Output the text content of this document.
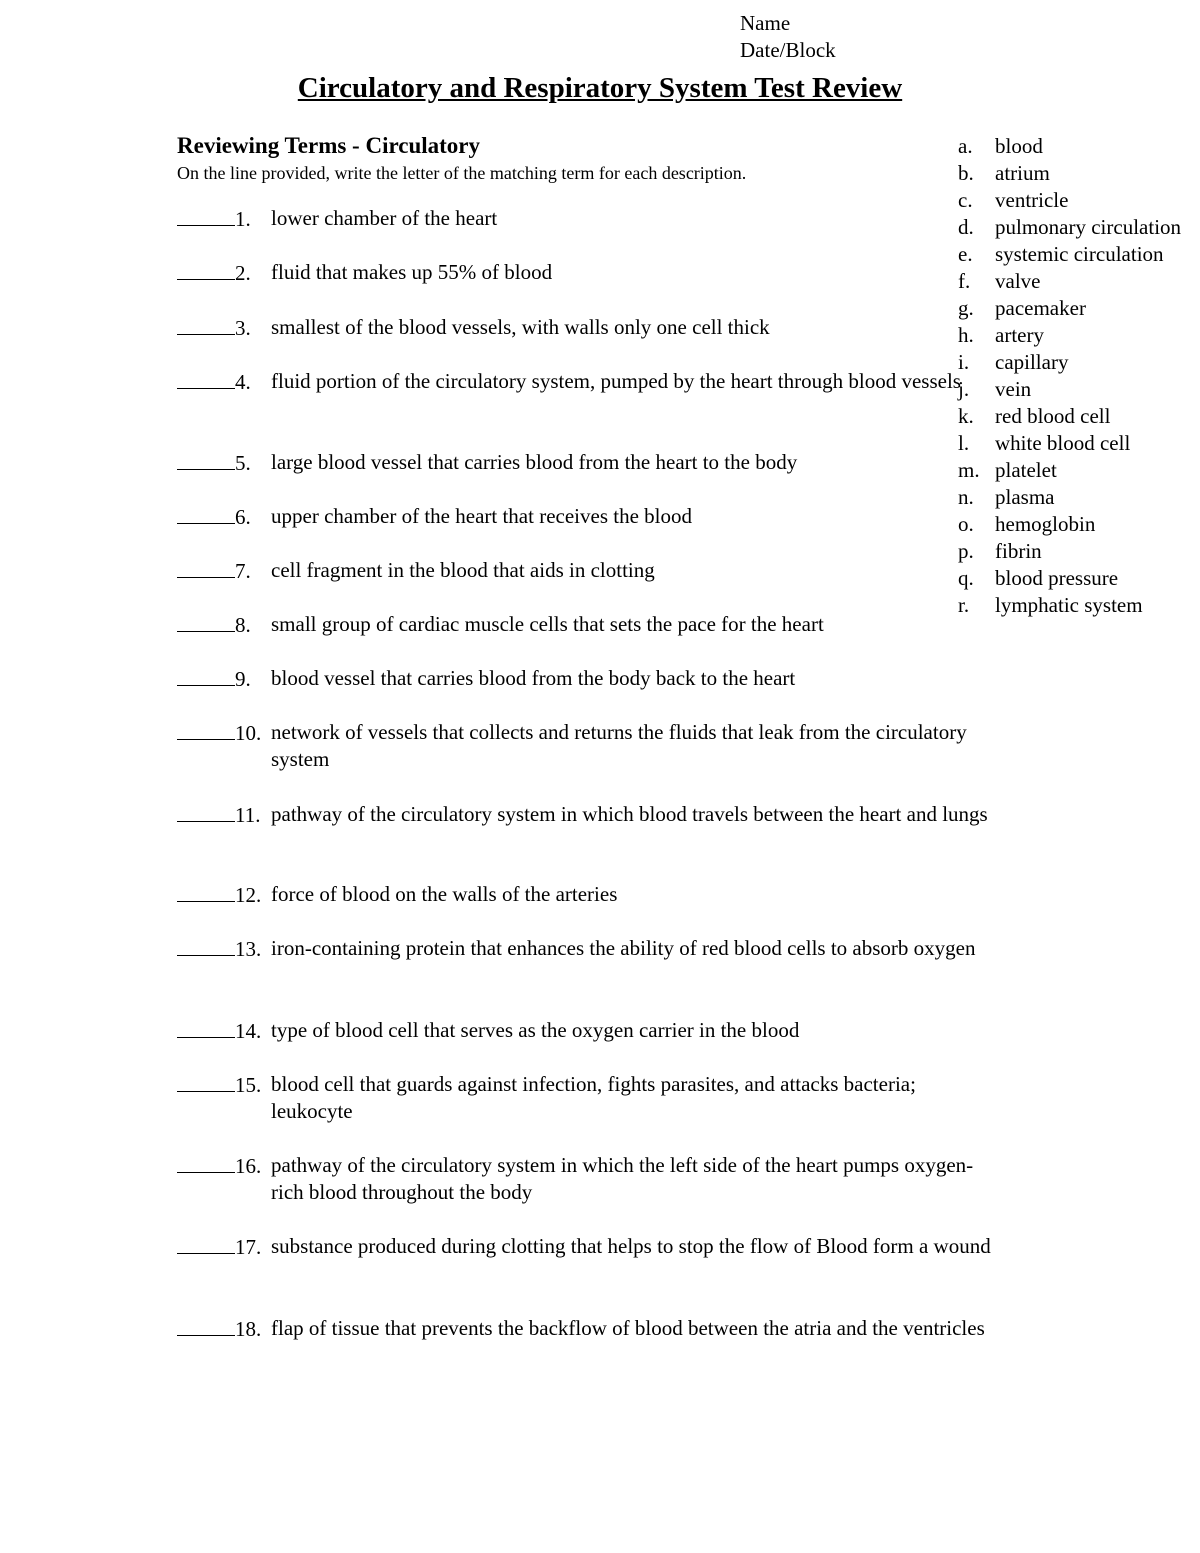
Name
Date/Block
Circulatory and Respiratory System Test Review
Reviewing Terms - Circulatory
On the line provided, write the letter of the matching term for each description.
1. lower chamber of the heart
2. fluid that makes up 55% of blood
3. smallest of the blood vessels, with walls only one cell thick
4. fluid portion of the circulatory system, pumped by the heart through blood vessels
5. large blood vessel that carries blood from the heart to the body
6. upper chamber of the heart that receives the blood
7. cell fragment in the blood that aids in clotting
8. small group of cardiac muscle cells that sets the pace for the heart
9. blood vessel that carries blood from the body back to the heart
10. network of vessels that collects and returns the fluids that leak from the circulatory system
11. pathway of the circulatory system in which blood travels between the heart and lungs
12. force of blood on the walls of the arteries
13. iron-containing protein that enhances the ability of red blood cells to absorb oxygen
14. type of blood cell that serves as the oxygen carrier in the blood
15. blood cell that guards against infection, fights parasites, and attacks bacteria; leukocyte
16. pathway of the circulatory system in which the left side of the heart pumps oxygen-rich blood throughout the body
17. substance produced during clotting that helps to stop the flow of Blood form a wound
18. flap of tissue that prevents the backflow of blood between the atria and the ventricles
a. blood
b. atrium
c. ventricle
d. pulmonary circulation
e. systemic circulation
f. valve
g. pacemaker
h. artery
i. capillary
j. vein
k. red blood cell
l. white blood cell
m. platelet
n. plasma
o. hemoglobin
p. fibrin
q. blood pressure
r. lymphatic system
